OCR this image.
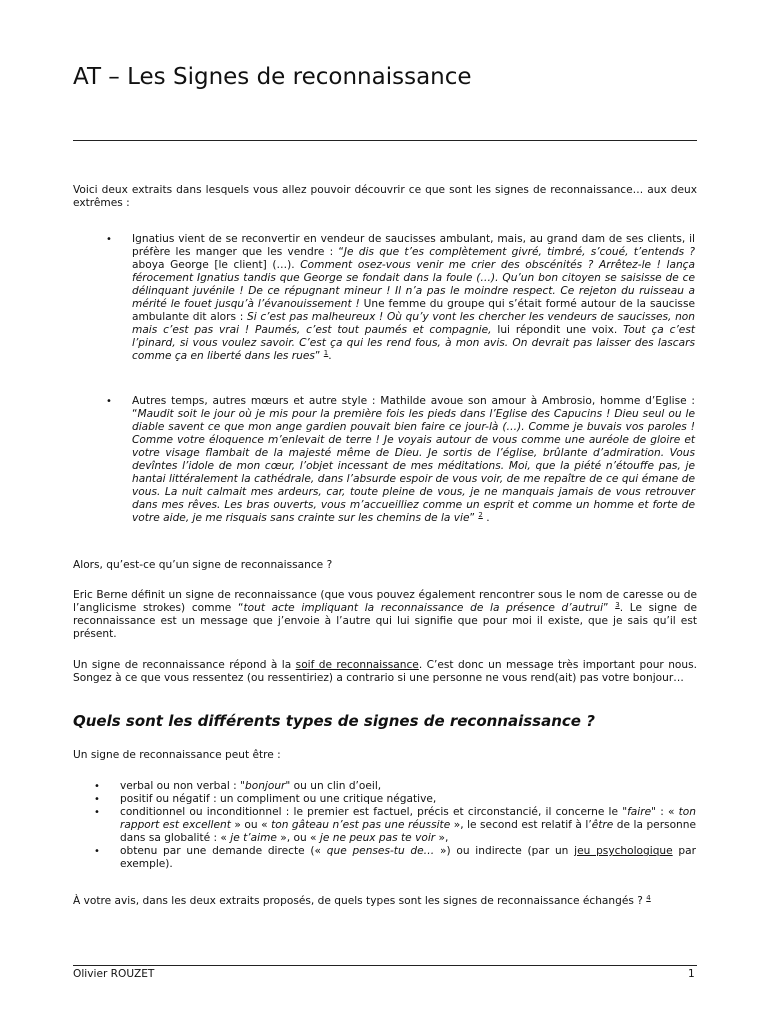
AT – Les Signes de reconnaissance

Voici deux extraits dans lesquels vous allez pouvoir découvrir ce que sont les signes de reconnaissance… aux deux extrêmes :

• Ignatius vient de se reconvertir en vendeur de saucisses ambulant, mais, au grand dam de ses clients, il préfère les manger que les vendre : “Je dis que t’es complètement givré, timbré, s’coué, t’entends ? aboya George [le client] (…). Comment osez-vous venir me crier des obscénités ? Arrêtez-le ! lança férocement Ignatius tandis que George se fondait dans la foule (…). Qu’un bon citoyen se saisisse de ce délinquant juvénile ! De ce répugnant mineur ! Il n’a pas le moindre respect. Ce rejeton du ruisseau a mérité le fouet jusqu’à l’évanouissement ! Une femme du groupe qui s’était formé autour de la saucisse ambulante dit alors : Si c’est pas malheureux ! Où qu’y vont les chercher les vendeurs de saucisses, non mais c’est pas vrai ! Paumés, c’est tout paumés et compagnie, lui répondit une voix. Tout ça c’est l’pinard, si vous voulez savoir. C’est ça qui les rend fous, à mon avis. On devrait pas laisser des lascars comme ça en liberté dans les rues” $^1$.
• Autres temps, autres mœurs et autre style : Mathilde avoue son amour à Ambrosio, homme d’Eglise : “Maudit soit le jour où je mis pour la première fois les pieds dans l’Eglise des Capucins ! Dieu seul ou le diable savent ce que mon ange gardien pouvait bien faire ce jour-là (…). Comme je buvais vos paroles ! Comme votre éloquence m’enlevait de terre ! Je voyais autour de vous comme une auréole de gloire et votre visage flambait de la majesté même de Dieu. Je sortis de l’église, brûlante d’admiration. Vous devîntes l’idole de mon cœur, l’objet incessant de mes méditations. Moi, que la piété n’étouffe pas, je hantai littéralement la cathédrale, dans l’absurde espoir de vous voir, de me repaître de ce qui émane de vous. La nuit calmait mes ardeurs, car, toute pleine de vous, je ne manquais jamais de vous retrouver dans mes rêves. Les bras ouverts, vous m’accueilliez comme un esprit et comme un homme et forte de votre aide, je me risquais sans crainte sur les chemins de la vie” $^2$ .

Alors, qu’est-ce qu’un signe de reconnaissance ?

Eric Berne définit un signe de reconnaissance (que vous pouvez également rencontrer sous le nom de caresse ou de l’anglicisme strokes) comme “tout acte impliquant la reconnaissance de la présence d’autrui” $^3$. Le signe de reconnaissance est un message que j’envoie à l’autre qui lui signifie que pour moi il existe, que je sais qu’il est présent.

Un signe de reconnaissance répond à la soif de reconnaissance. C’est donc un message très important pour nous. Songez à ce que vous ressentez (ou ressentiriez) a contrario si une personne ne vous rend(ait) pas votre bonjour…

Quels sont les différents types de signes de reconnaissance ?

Un signe de reconnaissance peut être :

• verbal ou non verbal : "bonjour" ou un clin d’oeil,
• positif ou négatif : un compliment ou une critique négative,
• conditionnel ou inconditionnel : le premier est factuel, précis et circonstancié, il concerne le "faire" : « ton rapport est excellent » ou « ton gâteau n’est pas une réussite », le second est relatif à l’être de la personne dans sa globalité : « je t’aime », ou « je ne peux pas te voir »,
• obtenu par une demande directe (« que penses-tu de… ») ou indirecte (par un jeu psychologique par exemple).

À votre avis, dans les deux extraits proposés, de quels types sont les signes de reconnaissance échangés ? $^4$

Olivier ROUZET	1
